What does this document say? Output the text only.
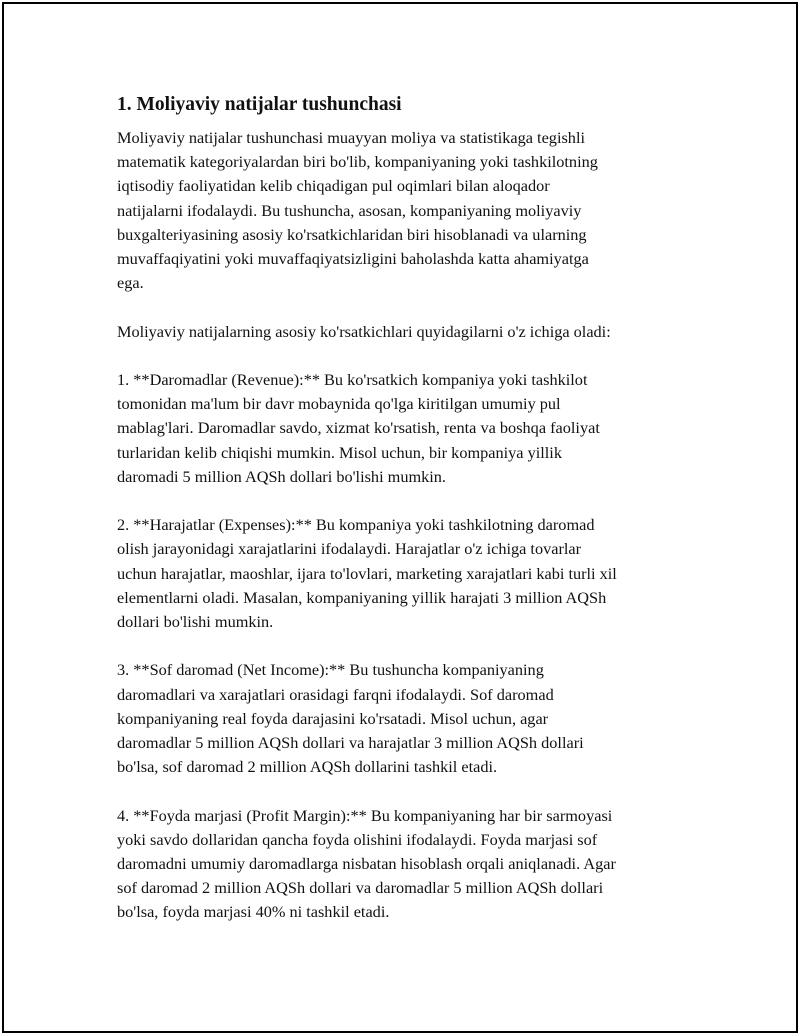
1. Moliyaviy natijalar tushunchasi
Moliyaviy natijalar tushunchasi muayyan moliya va statistikaga tegishli
matematik kategoriyalardan biri bo'lib, kompaniyaning yoki tashkilotning
iqtisodiy faoliyatidan kelib chiqadigan pul oqimlari bilan aloqador
natijalarni ifodalaydi. Bu tushuncha, asosan, kompaniyaning moliyaviy
buxgalteriyasining asosiy ko'rsatkichlaridan biri hisoblanadi va ularning
muvaffaqiyatini yoki muvaffaqiyatsizligini baholashda katta ahamiyatga
ega.
Moliyaviy natijalarning asosiy ko'rsatkichlari quyidagilarni o'z ichiga oladi:
1. **Daromadlar (Revenue):** Bu ko'rsatkich kompaniya yoki tashkilot
tomonidan ma'lum bir davr mobaynida qo'lga kiritilgan umumiy pul
mablag'lari. Daromadlar savdo, xizmat ko'rsatish, renta va boshqa faoliyat
turlaridan kelib chiqishi mumkin. Misol uchun, bir kompaniya yillik
daromadi 5 million AQSh dollari bo'lishi mumkin.
2. **Harajatlar (Expenses):** Bu kompaniya yoki tashkilotning daromad
olish jarayonidagi xarajatlarini ifodalaydi. Harajatlar o'z ichiga tovarlar
uchun harajatlar, maoshlar, ijara to'lovlari, marketing xarajatlari kabi turli xil
elementlarni oladi. Masalan, kompaniyaning yillik harajati 3 million AQSh
dollari bo'lishi mumkin.
3. **Sof daromad (Net Income):** Bu tushuncha kompaniyaning
daromadlari va xarajatlari orasidagi farqni ifodalaydi. Sof daromad
kompaniyaning real foyda darajasini ko'rsatadi. Misol uchun, agar
daromadlar 5 million AQSh dollari va harajatlar 3 million AQSh dollari
bo'lsa, sof daromad 2 million AQSh dollarini tashkil etadi.
4. **Foyda marjasi (Profit Margin):** Bu kompaniyaning har bir sarmoyasi
yoki savdo dollaridan qancha foyda olishini ifodalaydi. Foyda marjasi sof
daromadni umumiy daromadlarga nisbatan hisoblash orqali aniqlanadi. Agar
sof daromad 2 million AQSh dollari va daromadlar 5 million AQSh dollari
bo'lsa, foyda marjasi 40% ni tashkil etadi.
